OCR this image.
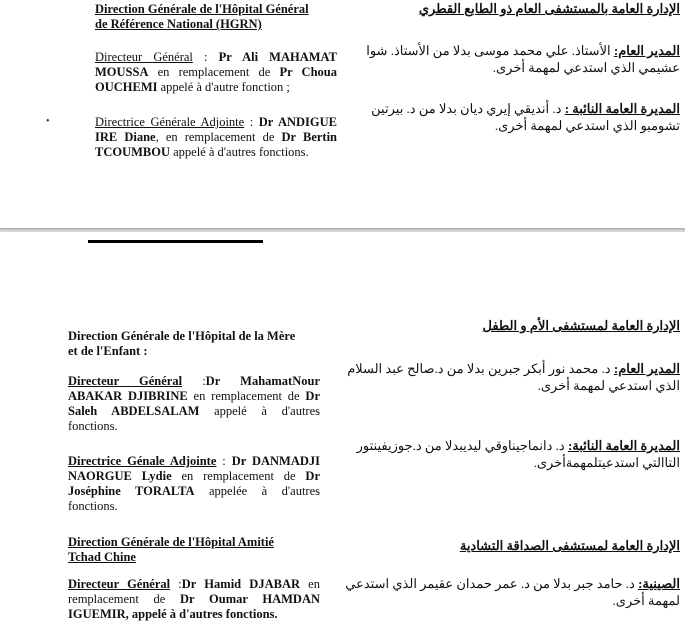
Direction Générale de l'Hôpital Général
de Référence National (HGRN)
الإدارة العامة بالمستشفى العام ذو الطابع القطري
Directeur Général : Pr Ali MAHAMAT MOUSSA en remplacement de Pr Choua OUCHEMI appelé à d'autre fonction ;
المدير العام: الأستاذ. علي محمد موسى بدلا من الأستاذ. شوا عشيمي الذي استدعي لمهمة أخرى.
Directrice Générale Adjointe : Dr ANDIGUE IRE Diane, en remplacement de Dr Bertin TCOUMBOU appelé à d'autres fonctions.
المديرة العامة النائبة : د. أنديقي إيري ديان بدلا من د. بيرتين تشومبو الذي استدعي لمهمة أخرى.
•
Direction Générale de l'Hôpital de la Mère
et de l'Enfant :
الإدارة العامة لمستشفى الأم و الطفل
Directeur Général :Dr MahamatNour ABAKAR DJIBRINE en remplacement de Dr Saleh ABDELSALAM appelé à d'autres fonctions.
المدير العام: د. محمد نور أبكر جبرين بدلا من د.صالح عبد السلام الذي استدعي لمهمة أخرى.
Directrice Génale Adjointe : Dr DANMADJI NAORGUE Lydie en remplacement de Dr Joséphine TORALTA appelée à d'autres fonctions.
المديرة العامة النائبة: د. دانماجيناوقي ليديبدلا من د.جوزيفينتور التاالتي استدعيتلمهمةأخرى.
Direction Générale de l'Hôpital Amitié
Tchad Chine
الإدارة العامة لمستشفى الصداقة التشادية
Directeur Général :Dr Hamid DJABAR en remplacement de Dr Oumar HAMDAN IGUEMIR, appelé à d'autres fonctions.
الصينية: د. حامد جبر بدلا من د. عمر حمدان عقيمر الذي استدعي لمهمة أخرى.
